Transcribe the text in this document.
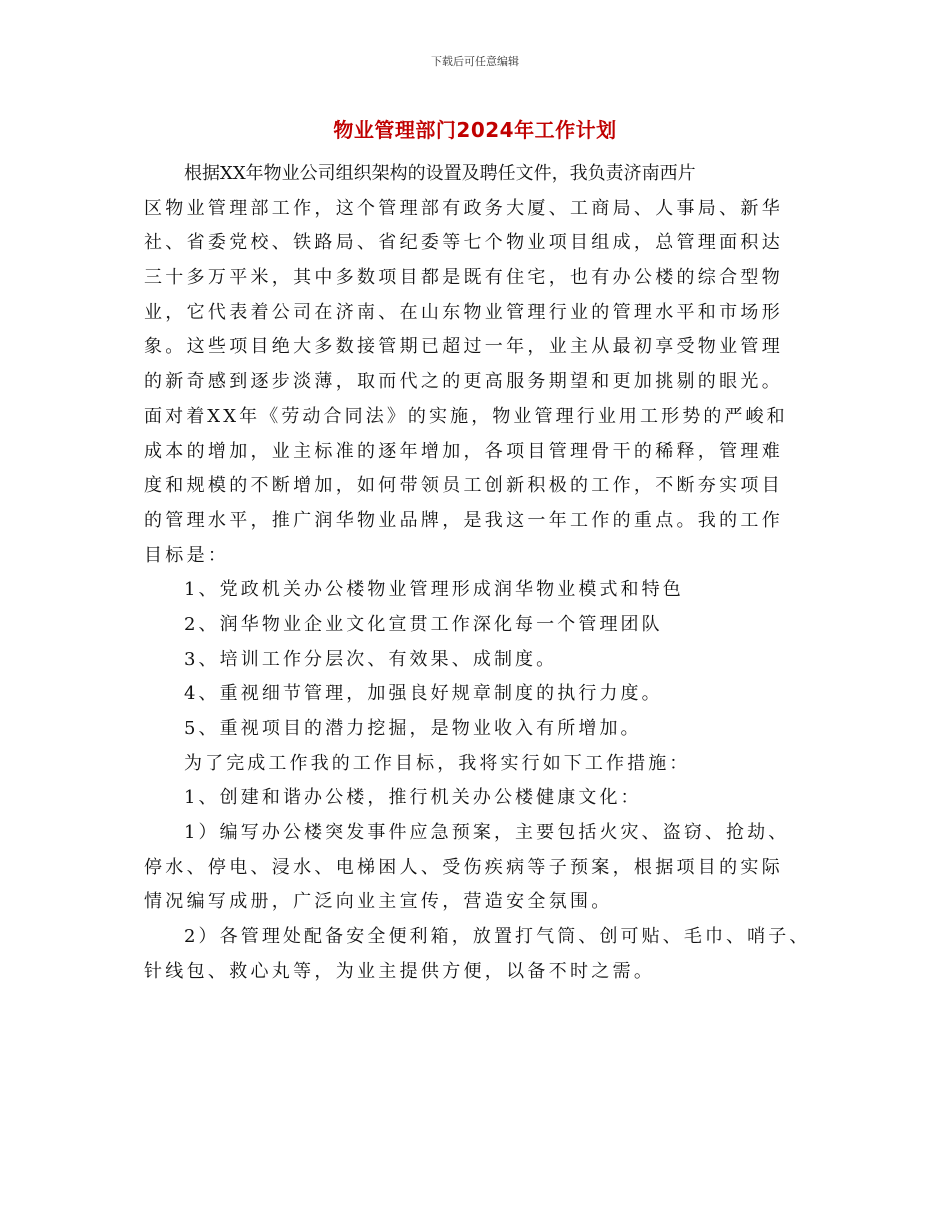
下载后可任意编辑
物业管理部门2024年工作计划
根据XX年物业公司组织架构的设置及聘任文件，我负责济南西片
区物业管理部工作，这个管理部有政务大厦、工商局、人事局、新华
社、省委党校、铁路局、省纪委等七个物业项目组成，总管理面积达
三十多万平米，其中多数项目都是既有住宅，也有办公楼的综合型物
业，它代表着公司在济南、在山东物业管理行业的管理水平和市场形
象。这些项目绝大多数接管期已超过一年，业主从最初享受物业管理
的新奇感到逐步淡薄，取而代之的更高服务期望和更加挑剔的眼光。
面对着XX年《劳动合同法》的实施，物业管理行业用工形势的严峻和
成本的增加，业主标准的逐年增加，各项目管理骨干的稀释，管理难
度和规模的不断增加，如何带领员工创新积极的工作，不断夯实项目
的管理水平，推广润华物业品牌，是我这一年工作的重点。我的工作
目标是：
1、党政机关办公楼物业管理形成润华物业模式和特色
2、润华物业企业文化宣贯工作深化每一个管理团队
3、培训工作分层次、有效果、成制度。
4、重视细节管理，加强良好规章制度的执行力度。
5、重视项目的潜力挖掘，是物业收入有所增加。
为了完成工作我的工作目标，我将实行如下工作措施：
1、创建和谐办公楼，推行机关办公楼健康文化：
1）编写办公楼突发事件应急预案，主要包括火灾、盗窃、抢劫、
停水、停电、浸水、电梯困人、受伤疾病等子预案，根据项目的实际
情况编写成册，广泛向业主宣传，营造安全氛围。
2）各管理处配备安全便利箱，放置打气筒、创可贴、毛巾、哨子、
针线包、救心丸等，为业主提供方便，以备不时之需。
